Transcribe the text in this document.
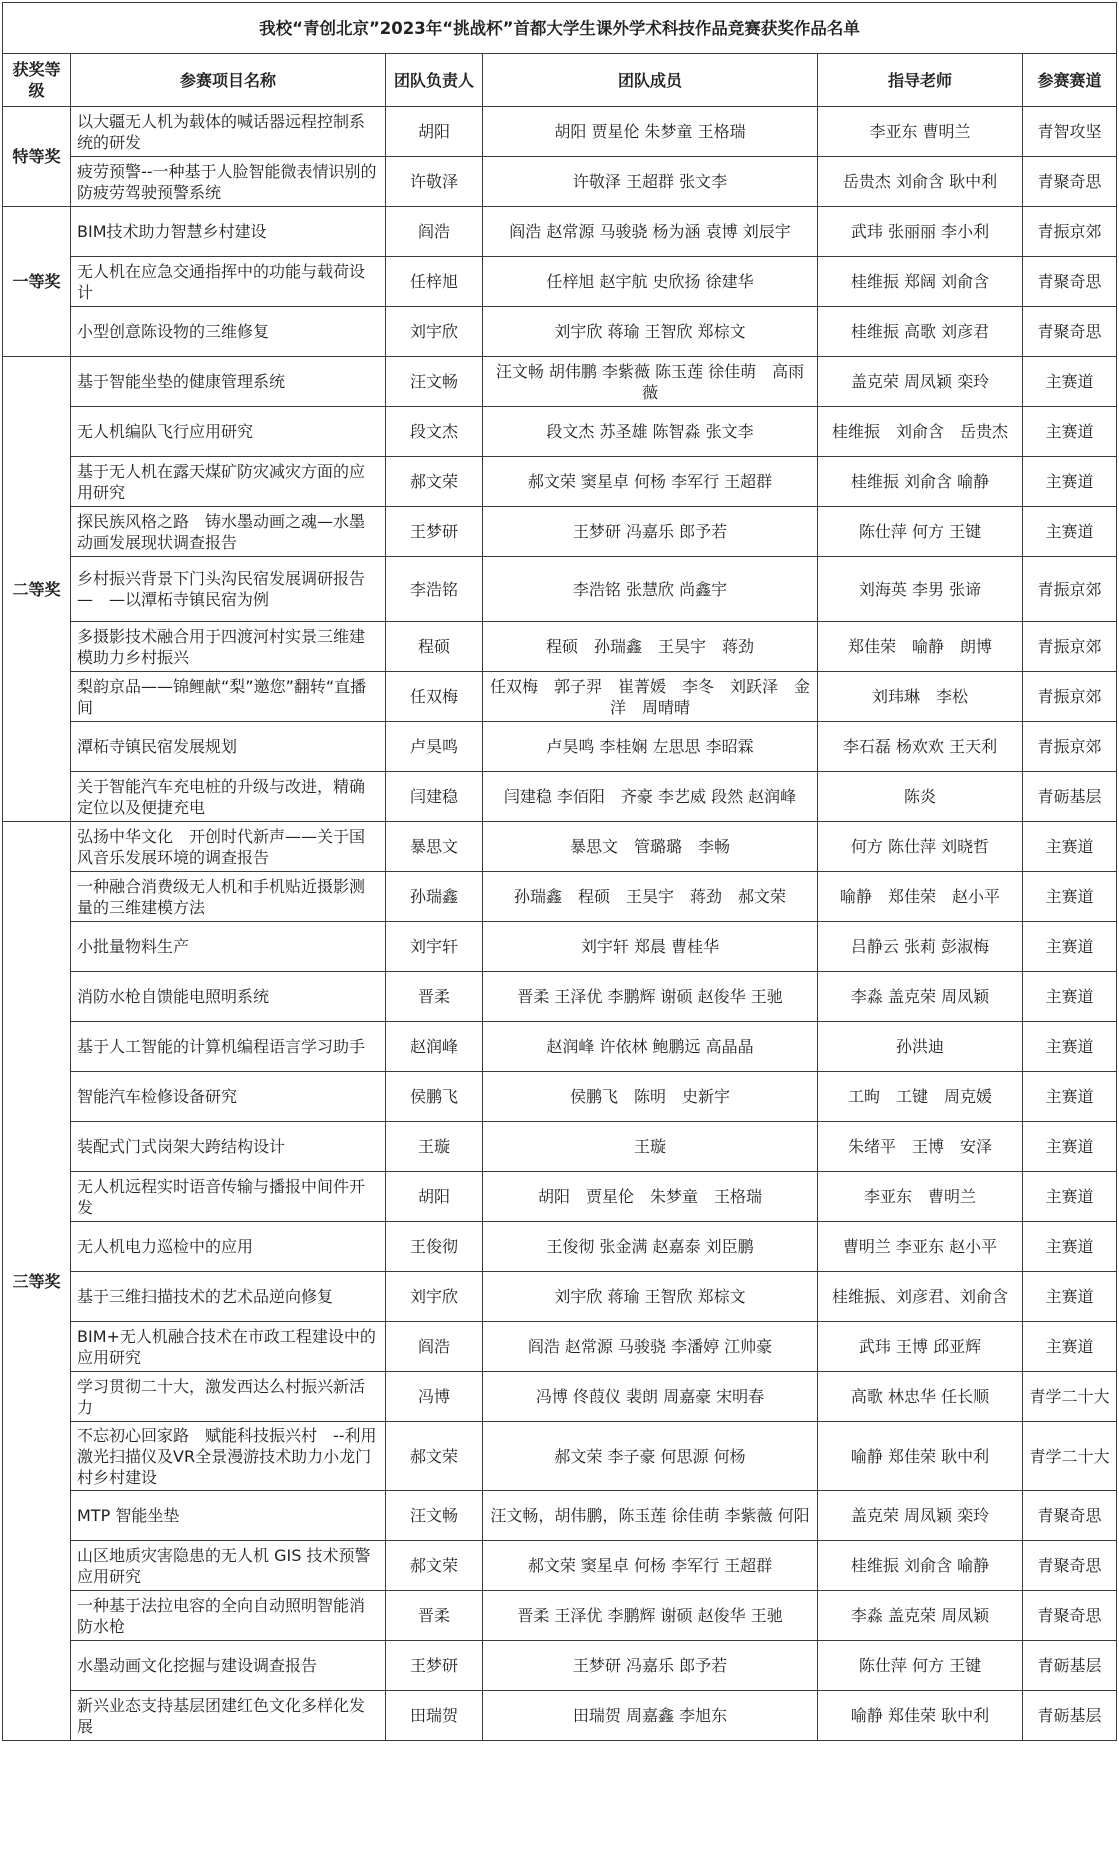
我校“青创北京”2023年“挑战杯”首都大学生课外学术科技作品竞赛获奖作品名单					
获奖等级	参赛项目名称	团队负责人	团队成员	指导老师	参赛赛道
特等奖	以大疆无人机为载体的喊话器远程控制系统的研发	胡阳	胡阳 贾星伦 朱梦童 王格瑞	李亚东 曹明兰	青智攻坚
	疲劳预警--一种基于人脸智能微表情识别的防疲劳驾驶预警系统	许敬泽	许敬泽 王超群 张文李	岳贵杰 刘俞含 耿中利	青聚奇思
一等奖	BIM技术助力智慧乡村建设	阎浩	阎浩 赵常源 马骏骁 杨为涵 袁博 刘辰宇	武玮 张丽丽 李小利	青振京郊
	无人机在应急交通指挥中的功能与载荷设计	任梓旭	任梓旭 赵宇航 史欣扬 徐建华	桂维振 郑阔 刘俞含	青聚奇思
	小型创意陈设物的三维修复	刘宇欣	刘宇欣 蒋瑜 王智欣 郑棕文	桂维振 高歌 刘彦君	青聚奇思
二等奖	基于智能坐垫的健康管理系统	汪文畅	汪文畅 胡伟鹏 李紫薇 陈玉莲 徐佳萌　高雨薇	盖克荣 周凤颖 栾玲	主赛道
	无人机编队飞行应用研究	段文杰	段文杰 苏圣雄 陈智淼 张文李	桂维振　刘俞含　岳贵杰	主赛道
	基于无人机在露天煤矿防灾减灾方面的应用研究	郝文荣	郝文荣 窦星卓 何杨 李军行 王超群	桂维振 刘俞含 喻静	主赛道
	探民族风格之路　铸水墨动画之魂—水墨动画发展现状调查报告	王梦研	王梦研 冯嘉乐 郎予若	陈仕萍 何方 王键	主赛道
	乡村振兴背景下门头沟民宿发展调研报告—　—以潭柘寺镇民宿为例	李浩铭	李浩铭 张慧欣 尚鑫宇	刘海英 李男 张谛	青振京郊
	多摄影技术融合用于四渡河村实景三维建模助力乡村振兴	程硕	程硕　孙瑞鑫　王昊宇　蒋劲	郑佳荣　喻静　朗博	青振京郊
	梨韵京品——锦鲤献“梨”邀您”翻转“直播间	任双梅	任双梅　郭子羿　崔菁媛　李冬　刘跃泽　金洋　周晴晴	刘玮琳　李松	青振京郊
	潭柘寺镇民宿发展规划	卢昊鸣	卢昊鸣 李桂娴 左思思 李昭霖	李石磊 杨欢欢 王天利	青振京郊
	关于智能汽车充电桩的升级与改进，精确定位以及便捷充电	闫建稳	闫建稳 李佰阳　齐豪 李艺威 段然 赵润峰	陈炎	青砺基层
三等奖	弘扬中华文化　开创时代新声——关于国风音乐发展环境的调查报告	暴思文	暴思文　管璐璐　李畅	何方 陈仕萍 刘晓哲	主赛道
	一种融合消费级无人机和手机贴近摄影测量的三维建模方法	孙瑞鑫	孙瑞鑫　程硕　王昊宇　蒋劲　郝文荣	喻静　郑佳荣　赵小平	主赛道
	小批量物料生产	刘宇轩	刘宇轩 郑晨 曹桂华	吕静云 张莉 彭淑梅	主赛道
	消防水枪自馈能电照明系统	晋柔	晋柔 王泽优 李鹏辉 谢硕 赵俊华 王驰	李淼 盖克荣 周凤颖	主赛道
	基于人工智能的计算机编程语言学习助手	赵润峰	赵润峰 许依林 鲍鹏远 高晶晶	孙洪迪	主赛道
	智能汽车检修设备研究	侯鹏飞	侯鹏飞　陈明　史新宇	工昫　工键　周克媛	主赛道
	装配式门式岗架大跨结构设计	王璇	王璇	朱绪平　王博　安泽	主赛道
	无人机远程实时语音传输与播报中间件开发	胡阳	胡阳　贾星伦　朱梦童　王格瑞	李亚东　曹明兰	主赛道
	无人机电力巡检中的应用	王俊彻	王俊彻 张金满 赵嘉泰 刘臣鹏	曹明兰 李亚东 赵小平	主赛道
	基于三维扫描技术的艺术品逆向修复	刘宇欣	刘宇欣 蒋瑜 王智欣 郑棕文	桂维振、刘彦君、刘俞含	主赛道
	BIM+无人机融合技术在市政工程建设中的应用研究	阎浩	阎浩 赵常源 马骏骁 李潘婷 江帅豪	武玮 王博 邱亚辉	主赛道
	学习贯彻二十大，激发西达么村振兴新活力	冯博	冯博 佟葭仪 裴朗 周嘉豪 宋明春	高歌 林忠华 任长顺	青学二十大
	不忘初心回家路　赋能科技振兴村　--利用激光扫描仪及VR全景漫游技术助力小龙门村乡村建设	郝文荣	郝文荣 李子豪 何思源 何杨	喻静 郑佳荣 耿中利	青学二十大
	MTP 智能坐垫	汪文畅	汪文畅，胡伟鹏，陈玉莲 徐佳萌 李紫薇 何阳	盖克荣 周凤颖 栾玲	青聚奇思
	山区地质灾害隐患的无人机 GIS 技术预警应用研究	郝文荣	郝文荣 窦星卓 何杨 李军行 王超群	桂维振 刘俞含 喻静	青聚奇思
	一种基于法拉电容的全向自动照明智能消防水枪	晋柔	晋柔 王泽优 李鹏辉 谢硕 赵俊华 王驰	李淼 盖克荣 周凤颖	青聚奇思
	水墨动画文化挖掘与建设调查报告	王梦研	王梦研 冯嘉乐 郎予若	陈仕萍 何方 王键	青砺基层
	新兴业态支持基层团建红色文化多样化发展	田瑞贺	田瑞贺 周嘉鑫 李旭东	喻静 郑佳荣 耿中利	青砺基层
